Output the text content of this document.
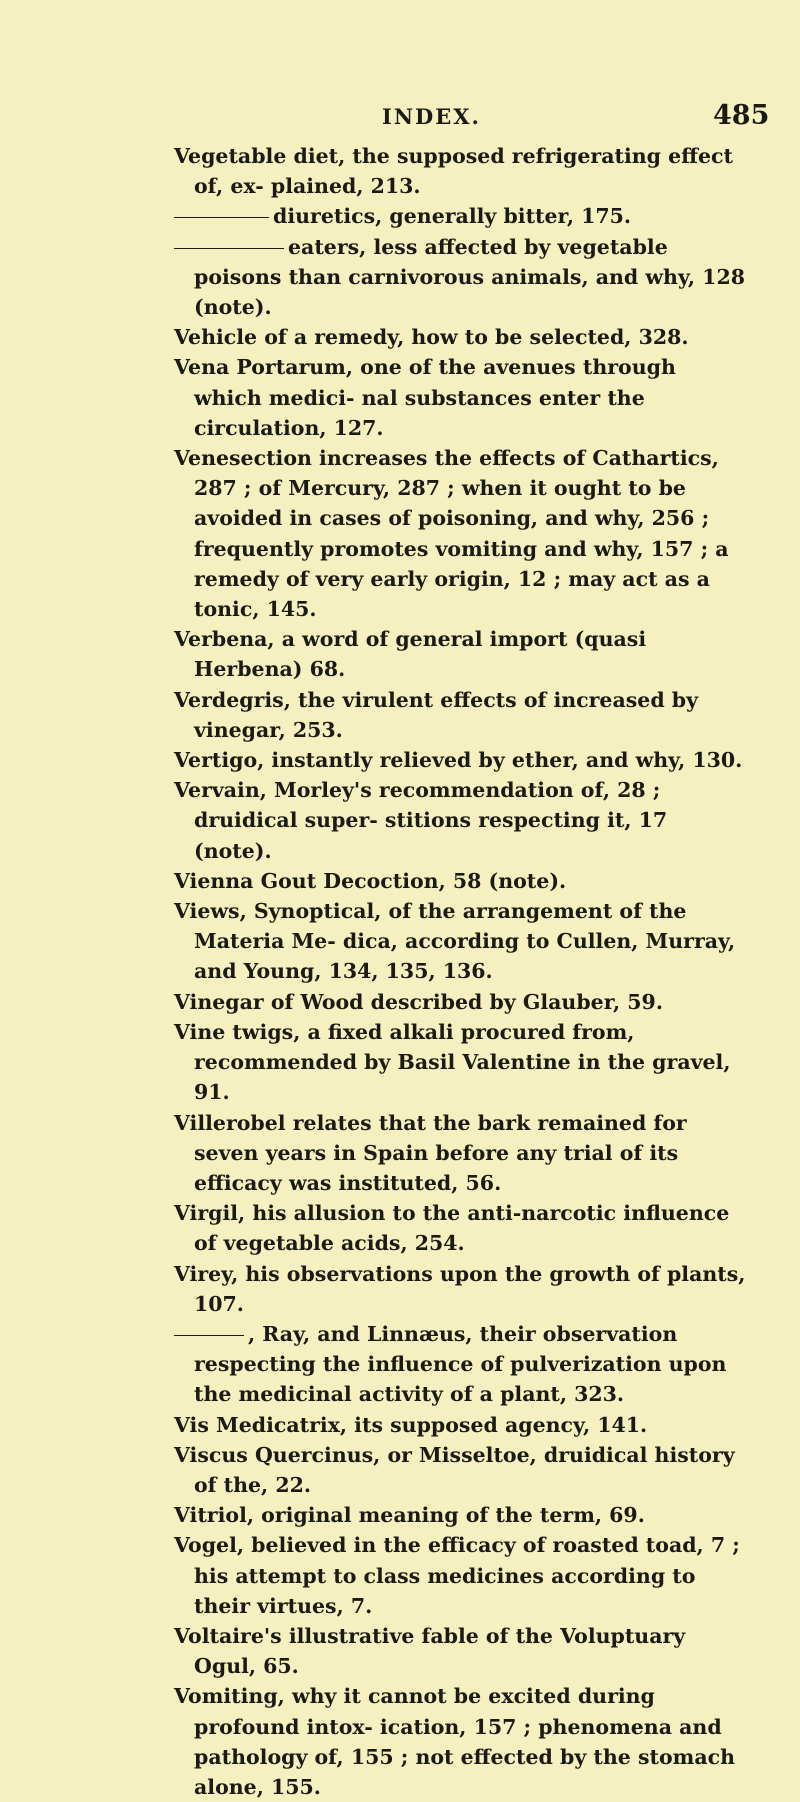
INDEX.	485

Vegetable diet, the supposed refrigerating effect of, ex- plained, 213.

diuretics, generally bitter, 175.

eaters, less affected by vegetable poisons than carnivorous animals, and why, 128 (note).

Vehicle of a remedy, how to be selected, 328.

Vena Portarum, one of the avenues through which medici- nal substances enter the circulation, 127.

Venesection increases the effects of Cathartics, 287 ; of Mercury, 287 ; when it ought to be avoided in cases of poisoning, and why, 256 ; frequently promotes vomiting and why, 157 ; a remedy of very early origin, 12 ; may act as a tonic, 145.

Verbena, a word of general import (quasi Herbena) 68.

Verdegris, the virulent effects of increased by vinegar, 253.

Vertigo, instantly relieved by ether, and why, 130.

Vervain, Morley's recommendation of, 28 ; druidical super- stitions respecting it, 17 (note).

Vienna Gout Decoction, 58 (note).

Views, Synoptical, of the arrangement of the Materia Me- dica, according to Cullen, Murray, and Young, 134, 135, 136.

Vinegar of Wood described by Glauber, 59.

Vine twigs, a fixed alkali procured from, recommended by Basil Valentine in the gravel, 91.

Villerobel relates that the bark remained for seven years in Spain before any trial of its efficacy was instituted, 56.

Virgil, his allusion to the anti-narcotic influence of vegetable acids, 254.

Virey, his observations upon the growth of plants, 107.

, Ray, and Linnæus, their observation respecting the influence of pulverization upon the medicinal activity of a plant, 323.

Vis Medicatrix, its supposed agency, 141.

Viscus Quercinus, or Misseltoe, druidical history of the, 22.

Vitriol, original meaning of the term, 69.

Vogel, believed in the efficacy of roasted toad, 7 ; his attempt to class medicines according to their virtues, 7.

Voltaire's illustrative fable of the Voluptuary Ogul, 65.

Vomiting, why it cannot be excited during profound intox- ication, 157 ; phenomena and pathology of, 155 ; not effected by the stomach alone, 155.
